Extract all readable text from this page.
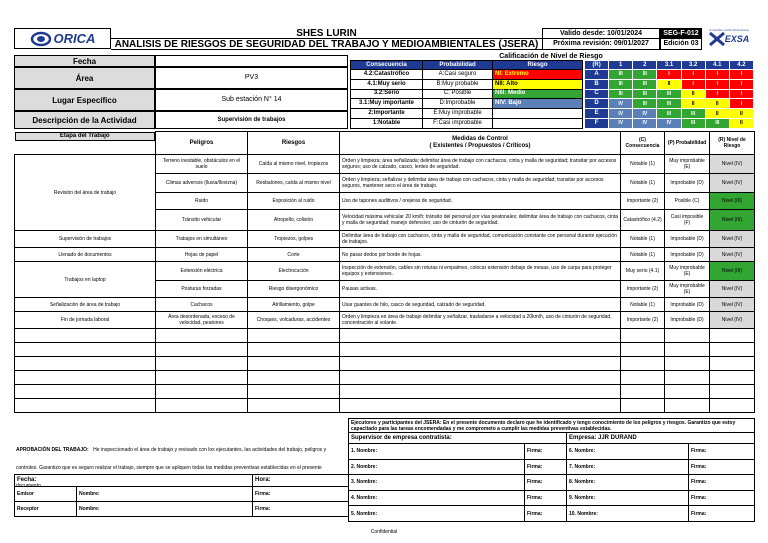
ORICA	SHES LURIN
ANALISIS DE RIESGOS DE SEGURIDAD DEL TRABAJO Y MEDIOAMBIENTALES (JSERA)
Valido desde: 10/01/2024
Próxima revisión: 09/01/2027
SEG-F-012
Edición 03
A member of the Orica Group
EXSA
Fecha
Área	PV3
Lugar Específico	Sub estación N° 14
Descripción de la Actividad	Supervisión de trabajos
Calificación de Nivel de Riesgo
Consecuencia	Probabilidad	Riesgo
4.2:Catastrófico	A:Casi seguro	NI: Extremo
4.1:Muy serio	B:Muy probable	NII: Alto
3.2:Serio	C: Posible	NIII: Medio
3.1:Muy importante	D:Improbable	NIV: Bajo
2:Importante	E:Muy improbable	
1:Notable	F:Casi improbable	
(R)	1	2	3.1	3.2	4.1	4.2
A	III	III	I	I	I	I
B	III	III	II	I	I	I
C	III	III	III	II	I	I
D	IV	III	III	II	II	I
E	IV	IV	III	III	II	II
F	IV	IV	IV	III	III	II
Etapa del Trabajo
Peligros	Riesgos	Medidas de Control
( Existentes / Propuestos / Críticos)	(C) Consecuencia	(P) Probabilidad	(R) Nivel de Riesgo
Revisión del área de trabajo	Terreno inestable, obstáculos en el suelo	Caída al mismo nivel, tropiezos	Orden y limpieza; área señalizada; delimitar área de trabajo con cachacos, cinta y malla de seguridad; transitar por accesos seguros; uso de calzado, casco, lentes de seguridad.	Notable (1)	Muy improbable (E)	Nivel (IV)
	Climas adversos (lluvia/llovizna)	Resbalones, caída al mismo nivel	Orden y limpieza; señalizar y delimitar área de trabajo con cachacos, cinta y malla de seguridad; transitar por accesos seguros, mantener seco el área de trabajo.	Notable (1)	Improbable (D)	Nivel (IV)
	Ruido	Exposición al ruido	Uso de tapones auditivos / orejeras de seguridad.	Importante (2)	Posible (C)	Nivel (III)
	Tránsito vehicular	Atropello, colisión	Velocidad máxima vehicular 20 km/h; tránsito del personal por vías peatonales; delimitar área de trabajo con cachacos, cinta y malla de seguridad; manejo defensivo; uso de cinturón de seguridad.	Catastrófico (4.2)	Casi imposible (F)	Nivel (III)
Supervisión de trabajos	Trabajos en simultáneo	Tropiezos, golpes	Delimitar área de trabajo con cachacos, cinta y malla de seguridad, comunicación constante con personal durante ejecución de trabajos.	Notable (1)	Improbable (D)	Nivel (IV)
Llenado de documentos	Hojas de papel	Corte	No pasar dedos por borde de hojas.	Notable (1)	Improbable (D)	Nivel (IV)
Trabajos en laptop	Extensión eléctrica	Electrocución	Inspección de extensión, cables sin roturas ni empalmes, colocar extensión debajo de mesas, uso de carpa para proteger equipos y extensiones.	Muy serio (4.1)	Muy improbable (E)	Nivel (III)
	Posturas forzadas	Riesgo disergonómico	Pausas activas.	Importante (2)	Muy improbable (E)	Nivel (IV)
Señalización de área de trabajo	Cachacos	Atrillamiento, golpe	Usar guantes de hilo, casco de seguridad, calzado de seguridad.	Notable (1)	Improbable (D)	Nivel (IV)
Fin de jornada laboral	Área desordenada, exceso de velocidad, peatones	Choques, volcaduras, accidentes	Orden y limpieza en área de trabajo delimitar y señalizar, trasladarse a velocidad a 20km/h, uso de cinturón de seguridad, concentración al volante.	Importante (2)	Improbable (D)	Nivel (IV)

Ejecutores y participantes del JSERA: En el presente documento declaro que he identificado y tengo conocimiento de los peligros y riesgos. Garantizo que estoy capacitado para las tareas encomendadas y me comprometo a cumplir las medidas preventivas establecidas.			
Supervisor de empresa contratista:		Empresa: JJR DURAND	
1. Nombre:	Firma:	6. Nombre:	Firma:
2. Nombre:	Firma:	7. Nombre:	Firma:
3. Nombre:	Firma:	8. Nombre:	Firma:
4. Nombre:	Firma:	9. Nombre:	Firma:
5. Nombre:	Firma:	10. Nombre:	Firma:
APROBACIÓN DEL TRABAJO: He inspeccionado el área de trabajo y revisado con los ejecutantes, las actividades del trabajo, peligros y controles. Garantizo que es seguro realizar el trabajo, siempre que se apliquen todas las medidas preventivas establecidas en el presente documento.
Fecha:		Hora:
Emisor	Nombre:	Firma:
Receptor	Nombre:	Firma:
Confidential
